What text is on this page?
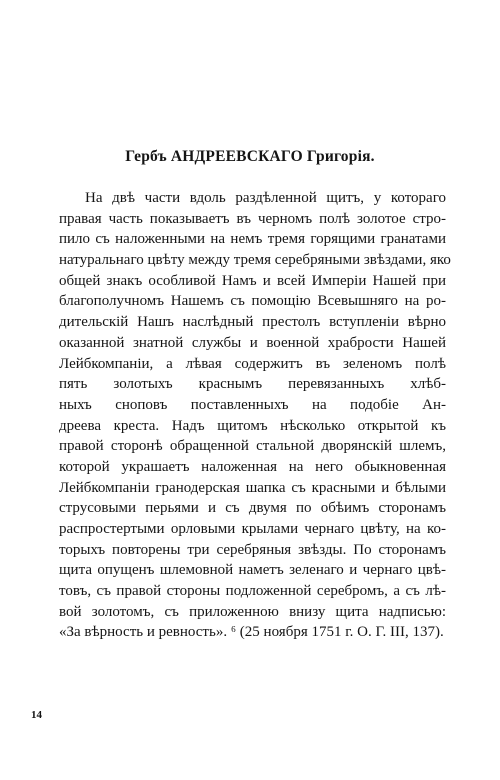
Гербъ АНДРЕЕВСКАГО Григорія.
На двѣ части вдоль раздѣленной щитъ, у котораго
правая часть показываетъ въ черномъ полѣ золотое стро-
пило съ наложенными на немъ тремя горящими гранатами
натуральнаго цвѣту между тремя серебряными звѣздами, яко
общей знакъ особливой Намъ и всей Имперіи Нашей при
благополучномъ Нашемъ съ помощію Всевышняго на ро-
дительскій Нашъ наслѣдный престолъ вступленіи вѣрно
оказанной знатной службы и военной храбрости Нашей
Лейбкомпаніи, а лѣвая содержитъ въ зеленомъ полѣ
пять золотыхъ краснымъ перевязанныхъ хлѣб-
ныхъ сноповъ поставленныхъ на подобіе Ан-
дреева креста. Надъ щитомъ нѣсколько открытой къ
правой сторонѣ обращенной стальной дворянскій шлемъ,
которой украшаетъ наложенная на него обыкновенная
Лейбкомпаніи гранодерская шапка съ красными и бѣлыми
струсовыми перьями и съ двумя по обѣимъ сторонамъ
распростертыми орловыми крылами чернаго цвѣту, на ко-
торыхъ повторены три серебряныя звѣзды. По сторонамъ
щита опущенъ шлемовной наметъ зеленаго и чернаго цвѣ-
товъ, съ правой стороны подложенной серебромъ, а съ лѣ-
вой золотомъ, съ приложенною внизу щита надписью:
«За вѣрность и ревность». ⁶ (25 ноября 1751 г. О. Г. III, 137).
14
